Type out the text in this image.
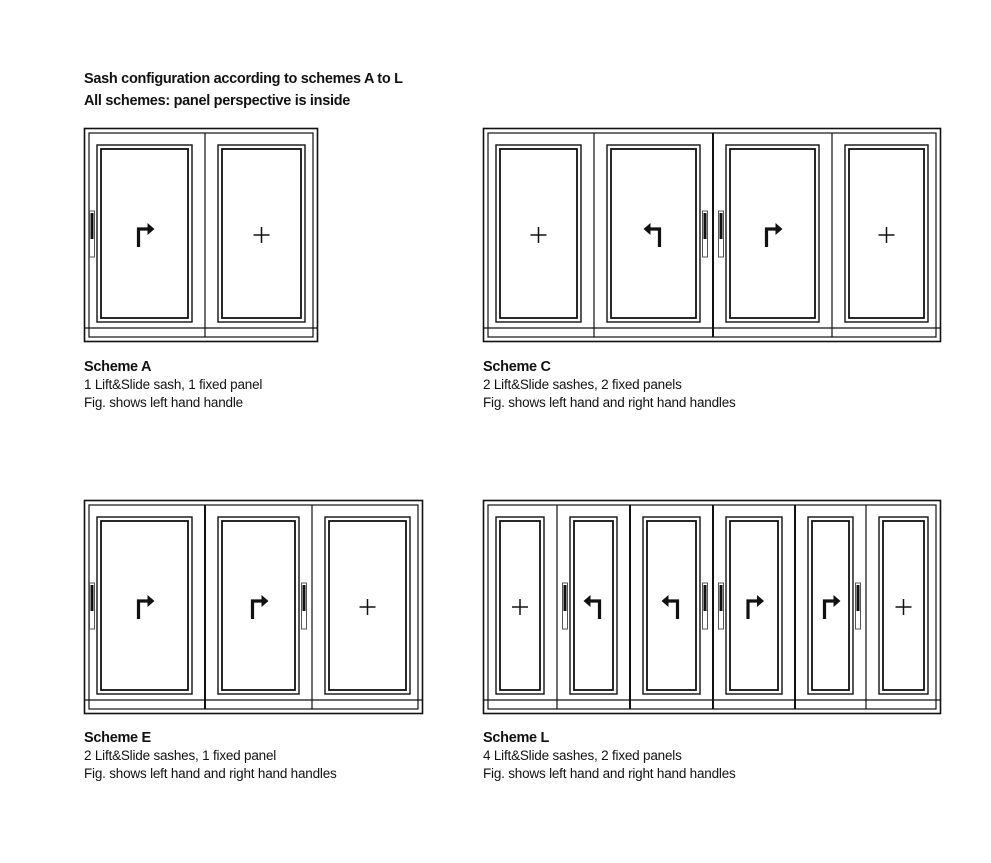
Sash configuration according to schemes A to L
All schemes: panel perspective is inside
Scheme A
1 Lift&Slide sash, 1 fixed panel
Fig. shows left hand handle
Scheme C
2 Lift&Slide sashes, 2 fixed panels
Fig. shows left hand and right hand handles
Scheme E
2 Lift&Slide sashes, 1 fixed panel
Fig. shows left hand and right hand handles
Scheme L
4 Lift&Slide sashes, 2 fixed panels
Fig. shows left hand and right hand handles
